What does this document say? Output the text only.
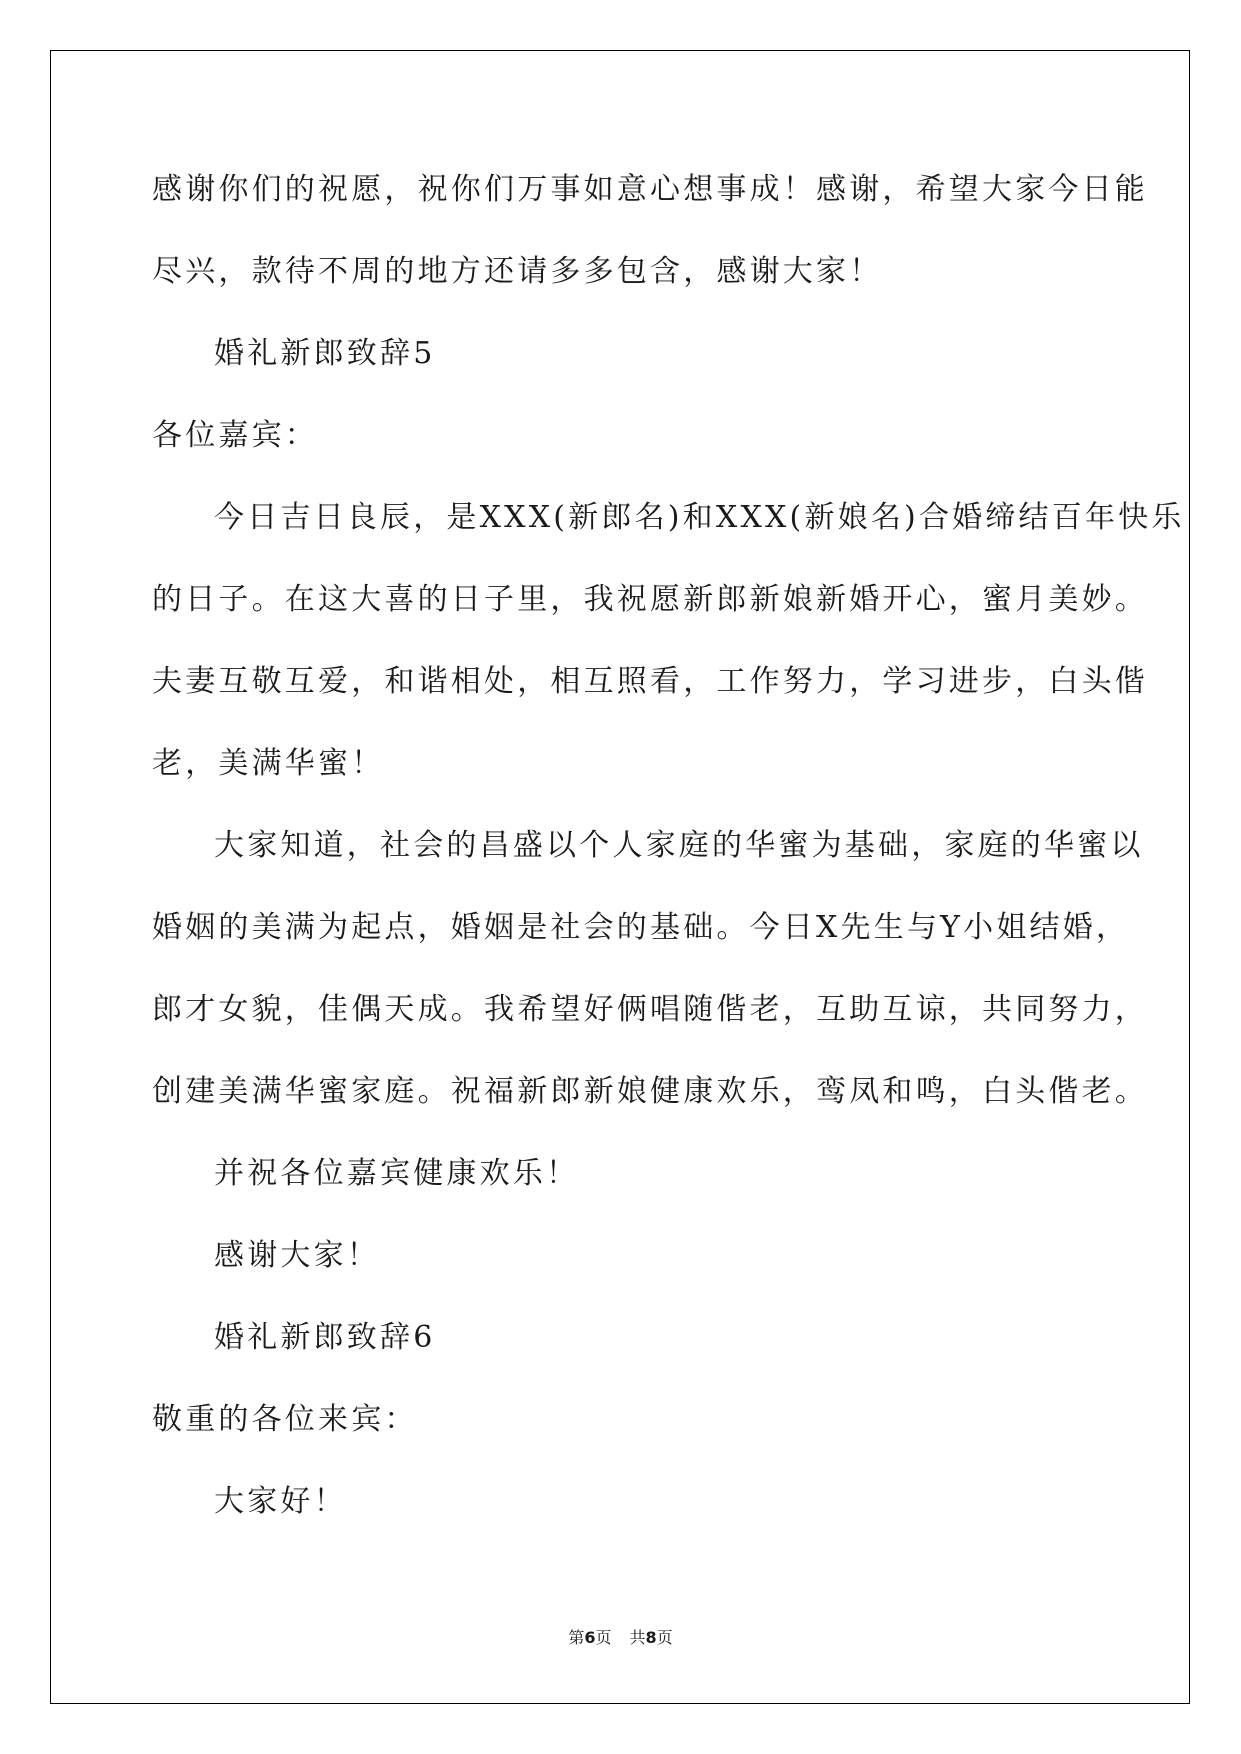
感谢你们的祝愿，祝你们万事如意心想事成！感谢，希望大家今日能
尽兴，款待不周的地方还请多多包含，感谢大家！
婚礼新郎致辞5
各位嘉宾：
今日吉日良辰，是XXX(新郎名)和XXX(新娘名)合婚缔结百年快乐
的日子。在这大喜的日子里，我祝愿新郎新娘新婚开心，蜜月美妙。
夫妻互敬互爱，和谐相处，相互照看，工作努力，学习进步，白头偕
老，美满华蜜！
大家知道，社会的昌盛以个人家庭的华蜜为基础，家庭的华蜜以
婚姻的美满为起点，婚姻是社会的基础。今日X先生与Y小姐结婚，
郎才女貌，佳偶天成。我希望好俩唱随偕老，互助互谅，共同努力，
创建美满华蜜家庭。祝福新郎新娘健康欢乐，鸾凤和鸣，白头偕老。
并祝各位嘉宾健康欢乐！
感谢大家！
婚礼新郎致辞6
敬重的各位来宾：
大家好！
第6页 共8页
